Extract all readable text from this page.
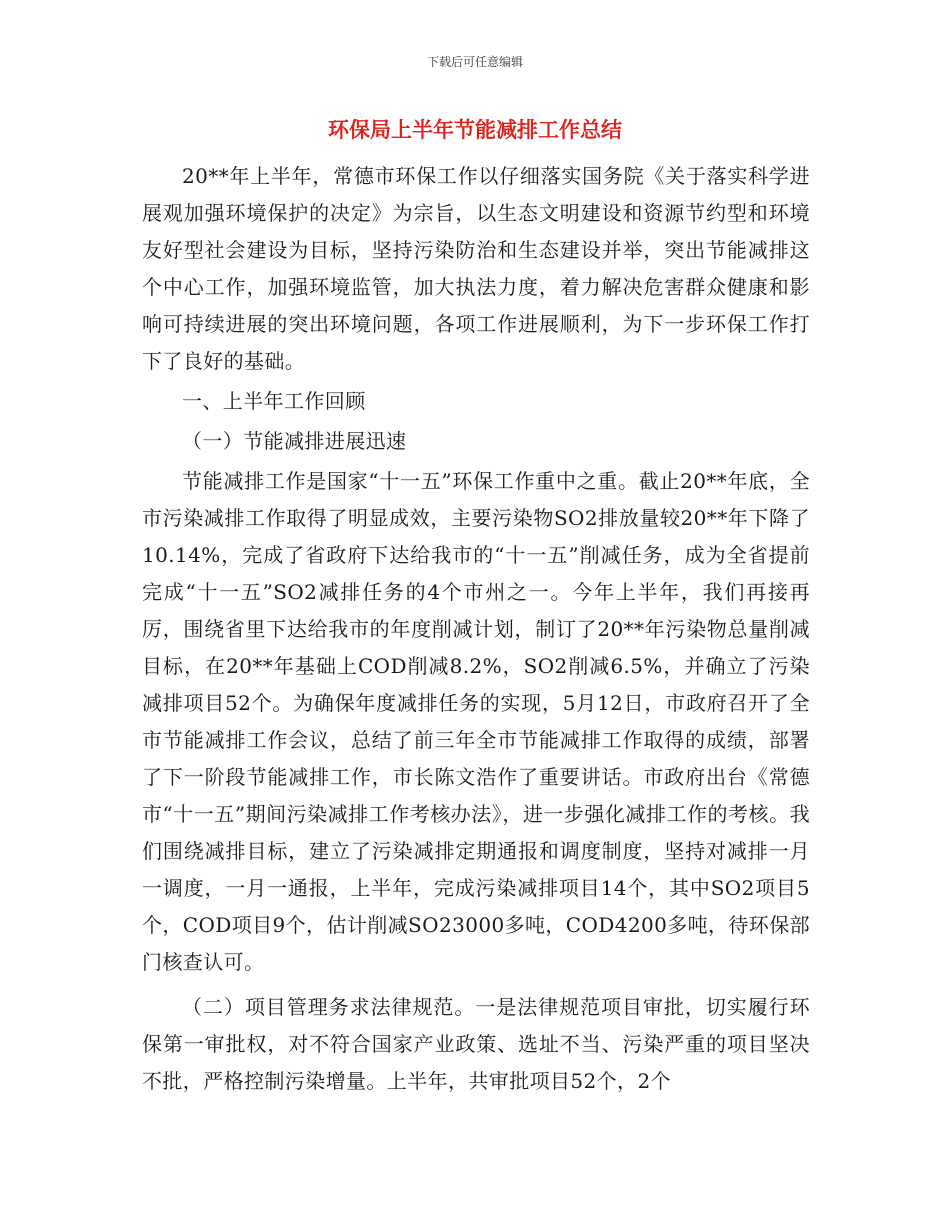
下载后可任意编辑
环保局上半年节能减排工作总结

20**年上半年，常德市环保工作以仔细落实国务院《关于落实科学进展观加强环境保护的决定》为宗旨，以生态文明建设和资源节约型和环境友好型社会建设为目标，坚持污染防治和生态建设并举，突出节能减排这个中心工作，加强环境监管，加大执法力度，着力解决危害群众健康和影响可持续进展的突出环境问题，各项工作进展顺利，为下一步环保工作打下了良好的基础。

一、上半年工作回顾

（一）节能减排进展迅速

节能减排工作是国家“十一五”环保工作重中之重。截止20**年底，全市污染减排工作取得了明显成效，主要污染物SO2排放量较20**年下降了10.14%，完成了省政府下达给我市的“十一五”削减任务，成为全省提前完成“十一五”SO2减排任务的4个市州之一。今年上半年，我们再接再厉，围绕省里下达给我市的年度削减计划，制订了20**年污染物总量削减目标，在20**年基础上COD削减8.2%，SO2削减6.5%，并确立了污染减排项目52个。为确保年度减排任务的实现，5月12日，市政府召开了全市节能减排工作会议，总结了前三年全市节能减排工作取得的成绩，部署了下一阶段节能减排工作，市长陈文浩作了重要讲话。市政府出台《常德市“十一五”期间污染减排工作考核办法》，进一步强化减排工作的考核。我们围绕减排目标，建立了污染减排定期通报和调度制度，坚持对减排一月一调度，一月一通报，上半年，完成污染减排项目14个，其中SO2项目5个，COD项目9个，估计削减SO23000多吨，COD4200多吨，待环保部门核查认可。

（二）项目管理务求法律规范。一是法律规范项目审批，切实履行环保第一审批权，对不符合国家产业政策、选址不当、污染严重的项目坚决不批，严格控制污染增量。上半年，共审批项目52个，2个
